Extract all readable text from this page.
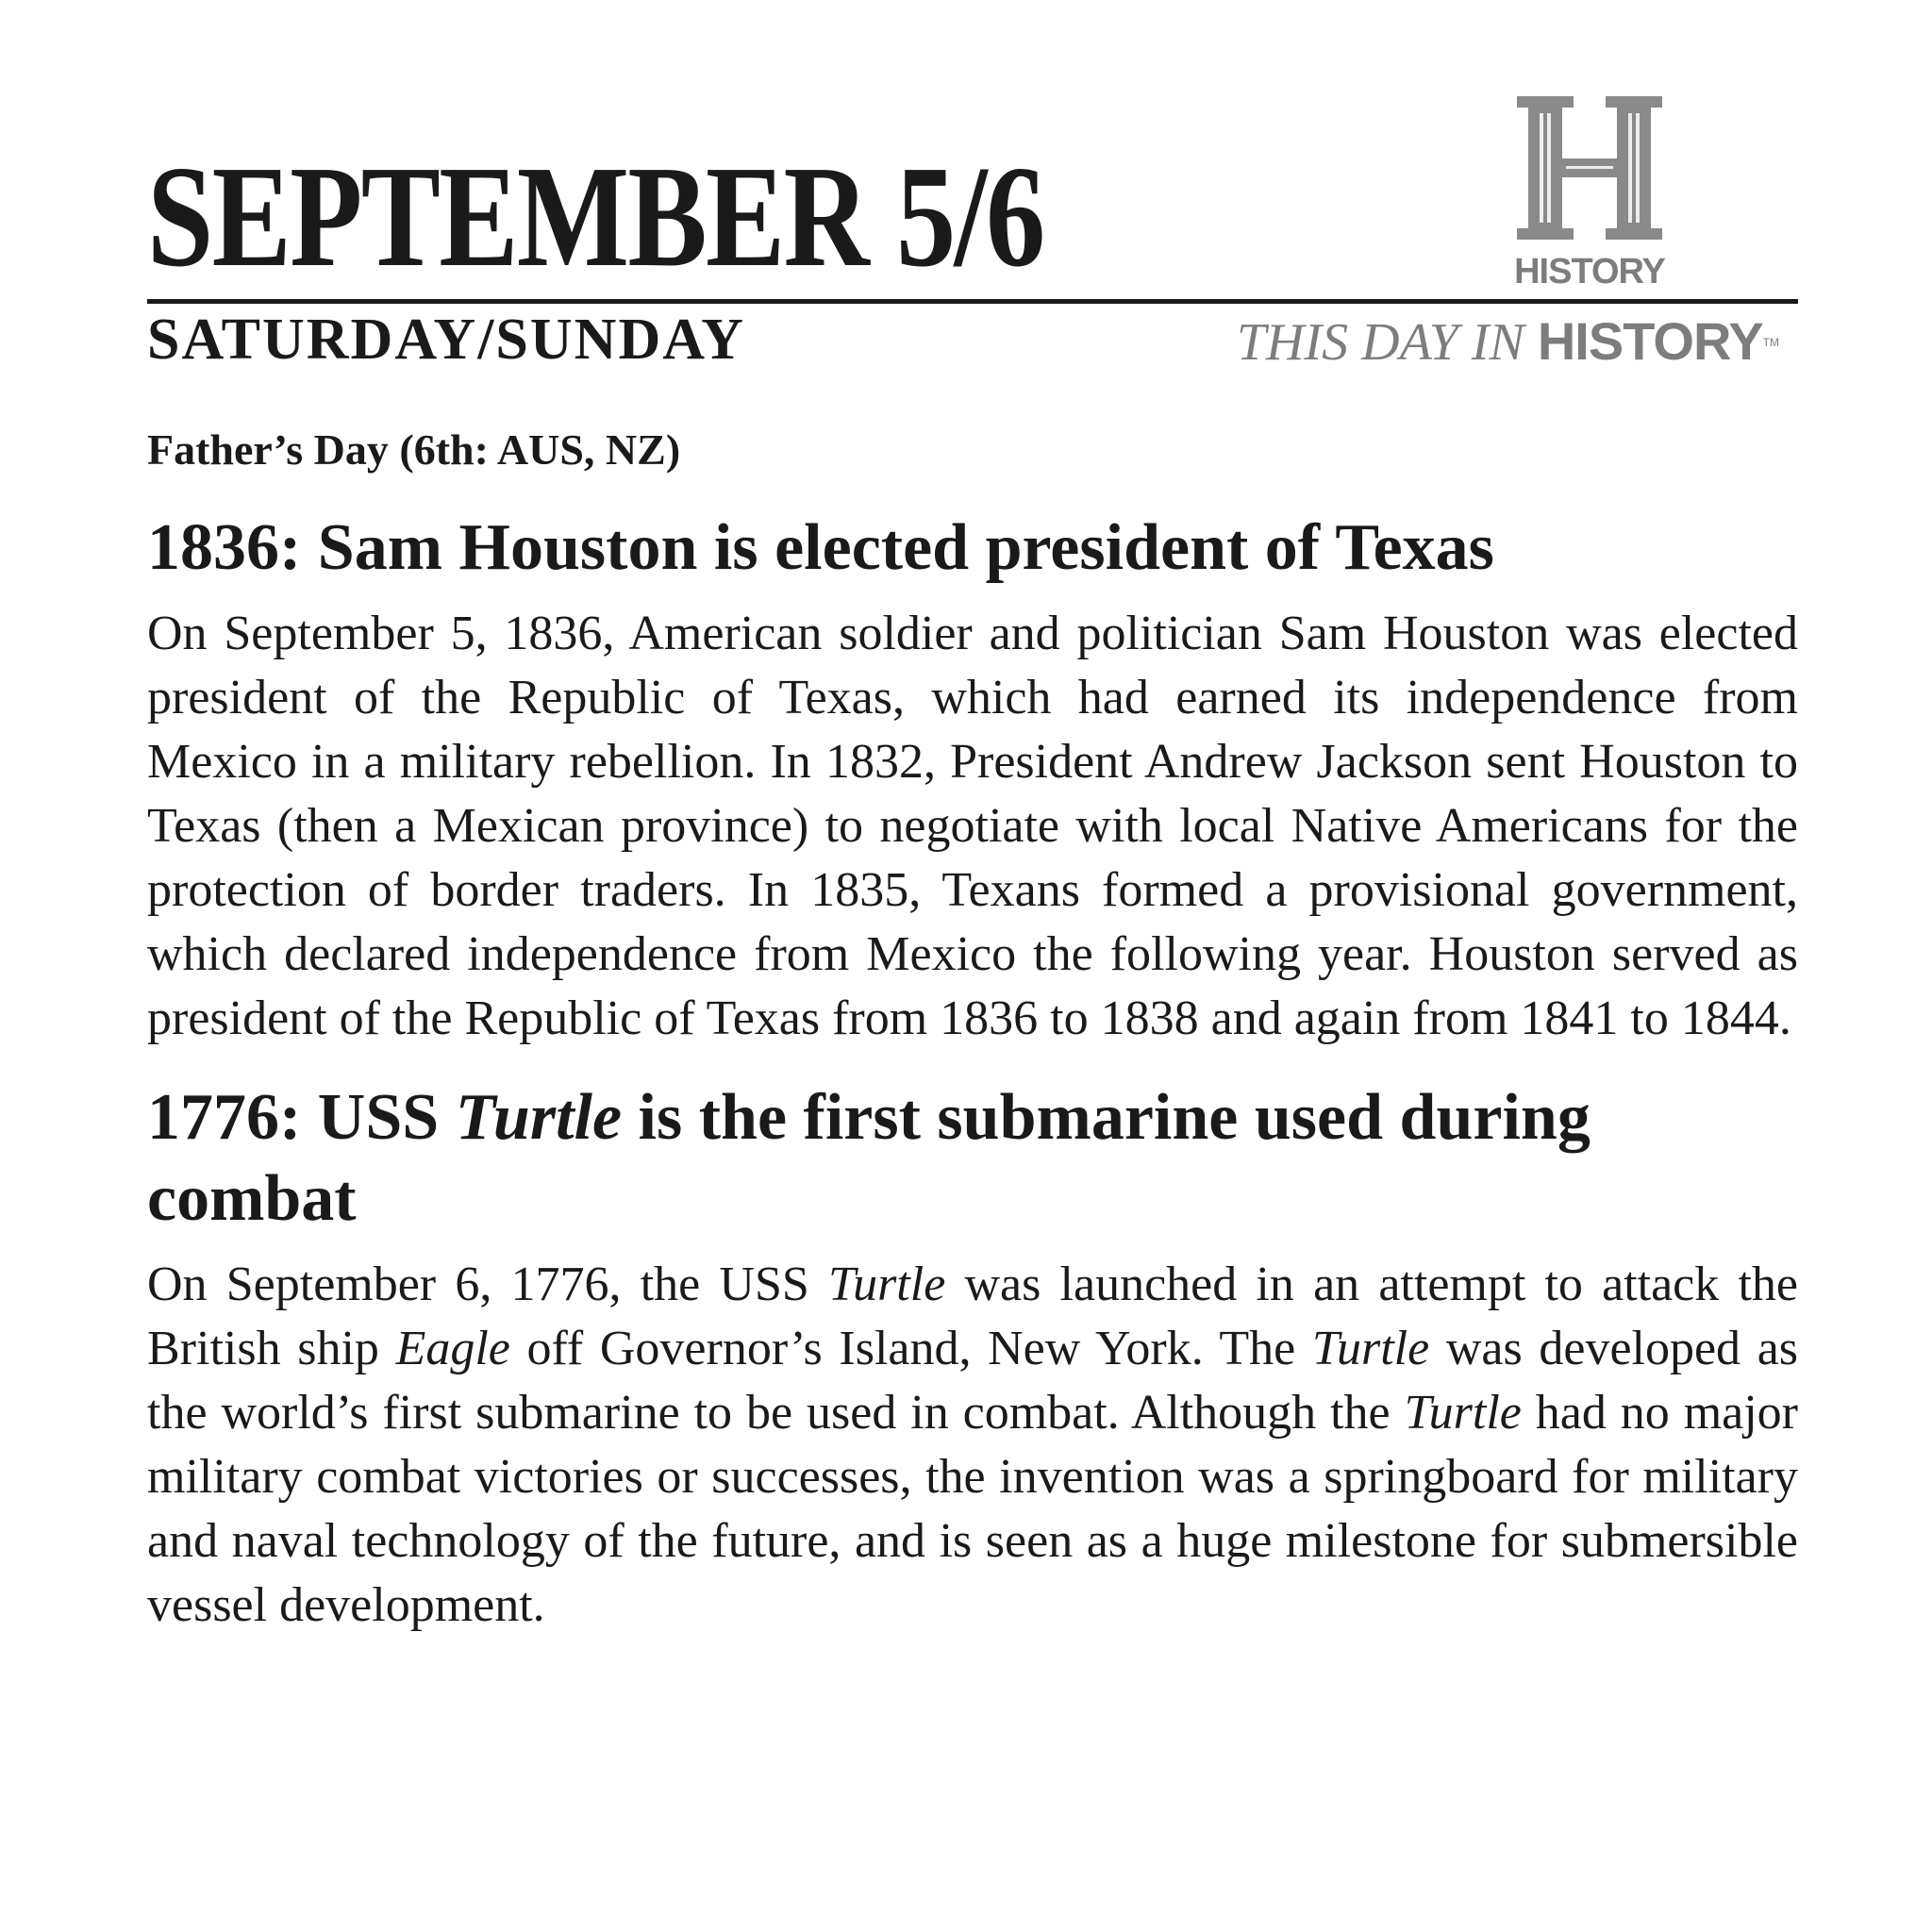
SEPTEMBER 5/6
SATURDAY/SUNDAY	THIS DAY IN HISTORYTM
HISTORY
Father’s Day (6th: AUS, NZ)
1836: Sam Houston is elected president of Texas

On September 5, 1836, American soldier and politician Sam Houston was elected president of the Republic of Texas, which had earned its independence from Mexico in a military rebellion. In 1832, President Andrew Jackson sent Houston to Texas (then a Mexican province) to negotiate with local Native Americans for the protection of border traders. In 1835, Texans formed a provisional government, which declared independence from Mexico the following year. Houston served as president of the Republic of Texas from 1836 to 1838 and again from 1841 to 1844.

1776: USS Turtle is the first submarine used during combat

On September 6, 1776, the USS Turtle was launched in an attempt to attack the British ship Eagle off Governor’s Island, New York. The Turtle was developed as the world’s first submarine to be used in combat. Although the Turtle had no major military combat victories or successes, the invention was a springboard for military and naval technology of the future, and is seen as a huge milestone for submersible vessel development.
